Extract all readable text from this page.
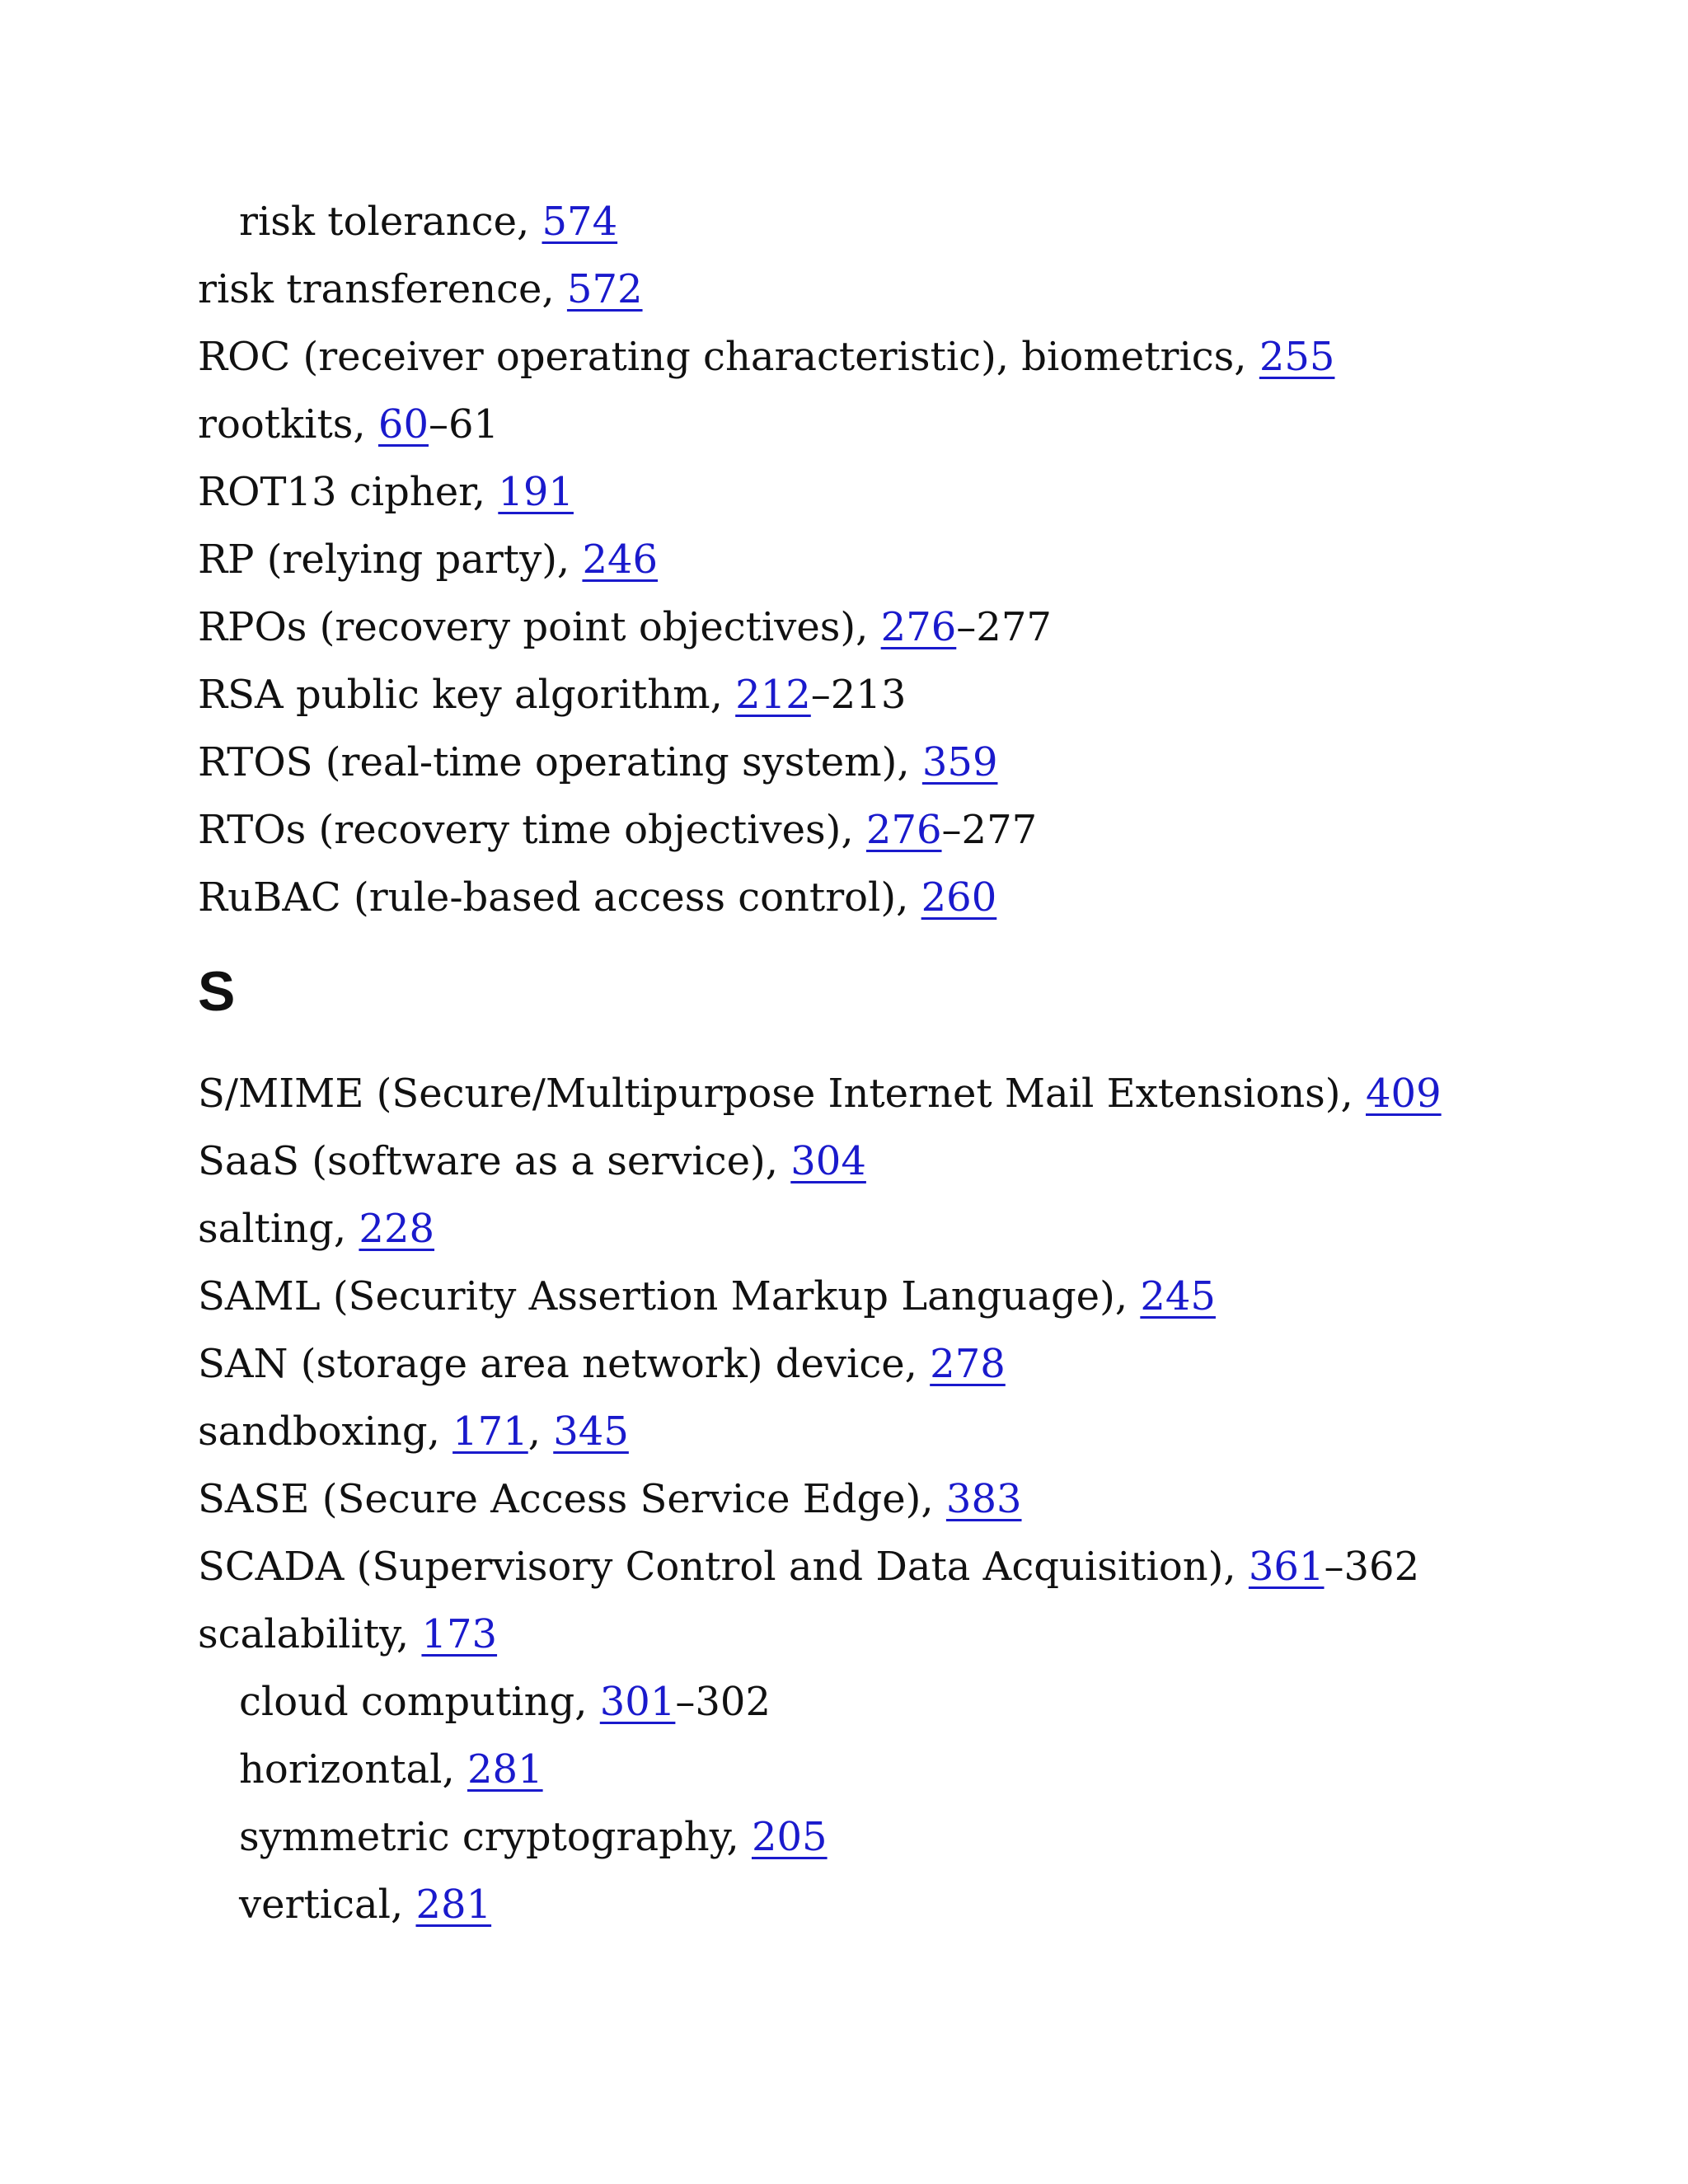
risk tolerance, 574
risk transference, 572
ROC (receiver operating characteristic), biometrics, 255
rootkits, 60–61
ROT13 cipher, 191
RP (relying party), 246
RPOs (recovery point objectives), 276–277
RSA public key algorithm, 212–213
RTOS (real-time operating system), 359
RTOs (recovery time objectives), 276–277
RuBAC (rule-based access control), 260
S
S/MIME (Secure/Multipurpose Internet Mail Extensions), 409
SaaS (software as a service), 304
salting, 228
SAML (Security Assertion Markup Language), 245
SAN (storage area network) device, 278
sandboxing, 171, 345
SASE (Secure Access Service Edge), 383
SCADA (Supervisory Control and Data Acquisition), 361–362
scalability, 173
cloud computing, 301–302
horizontal, 281
symmetric cryptography, 205
vertical, 281
